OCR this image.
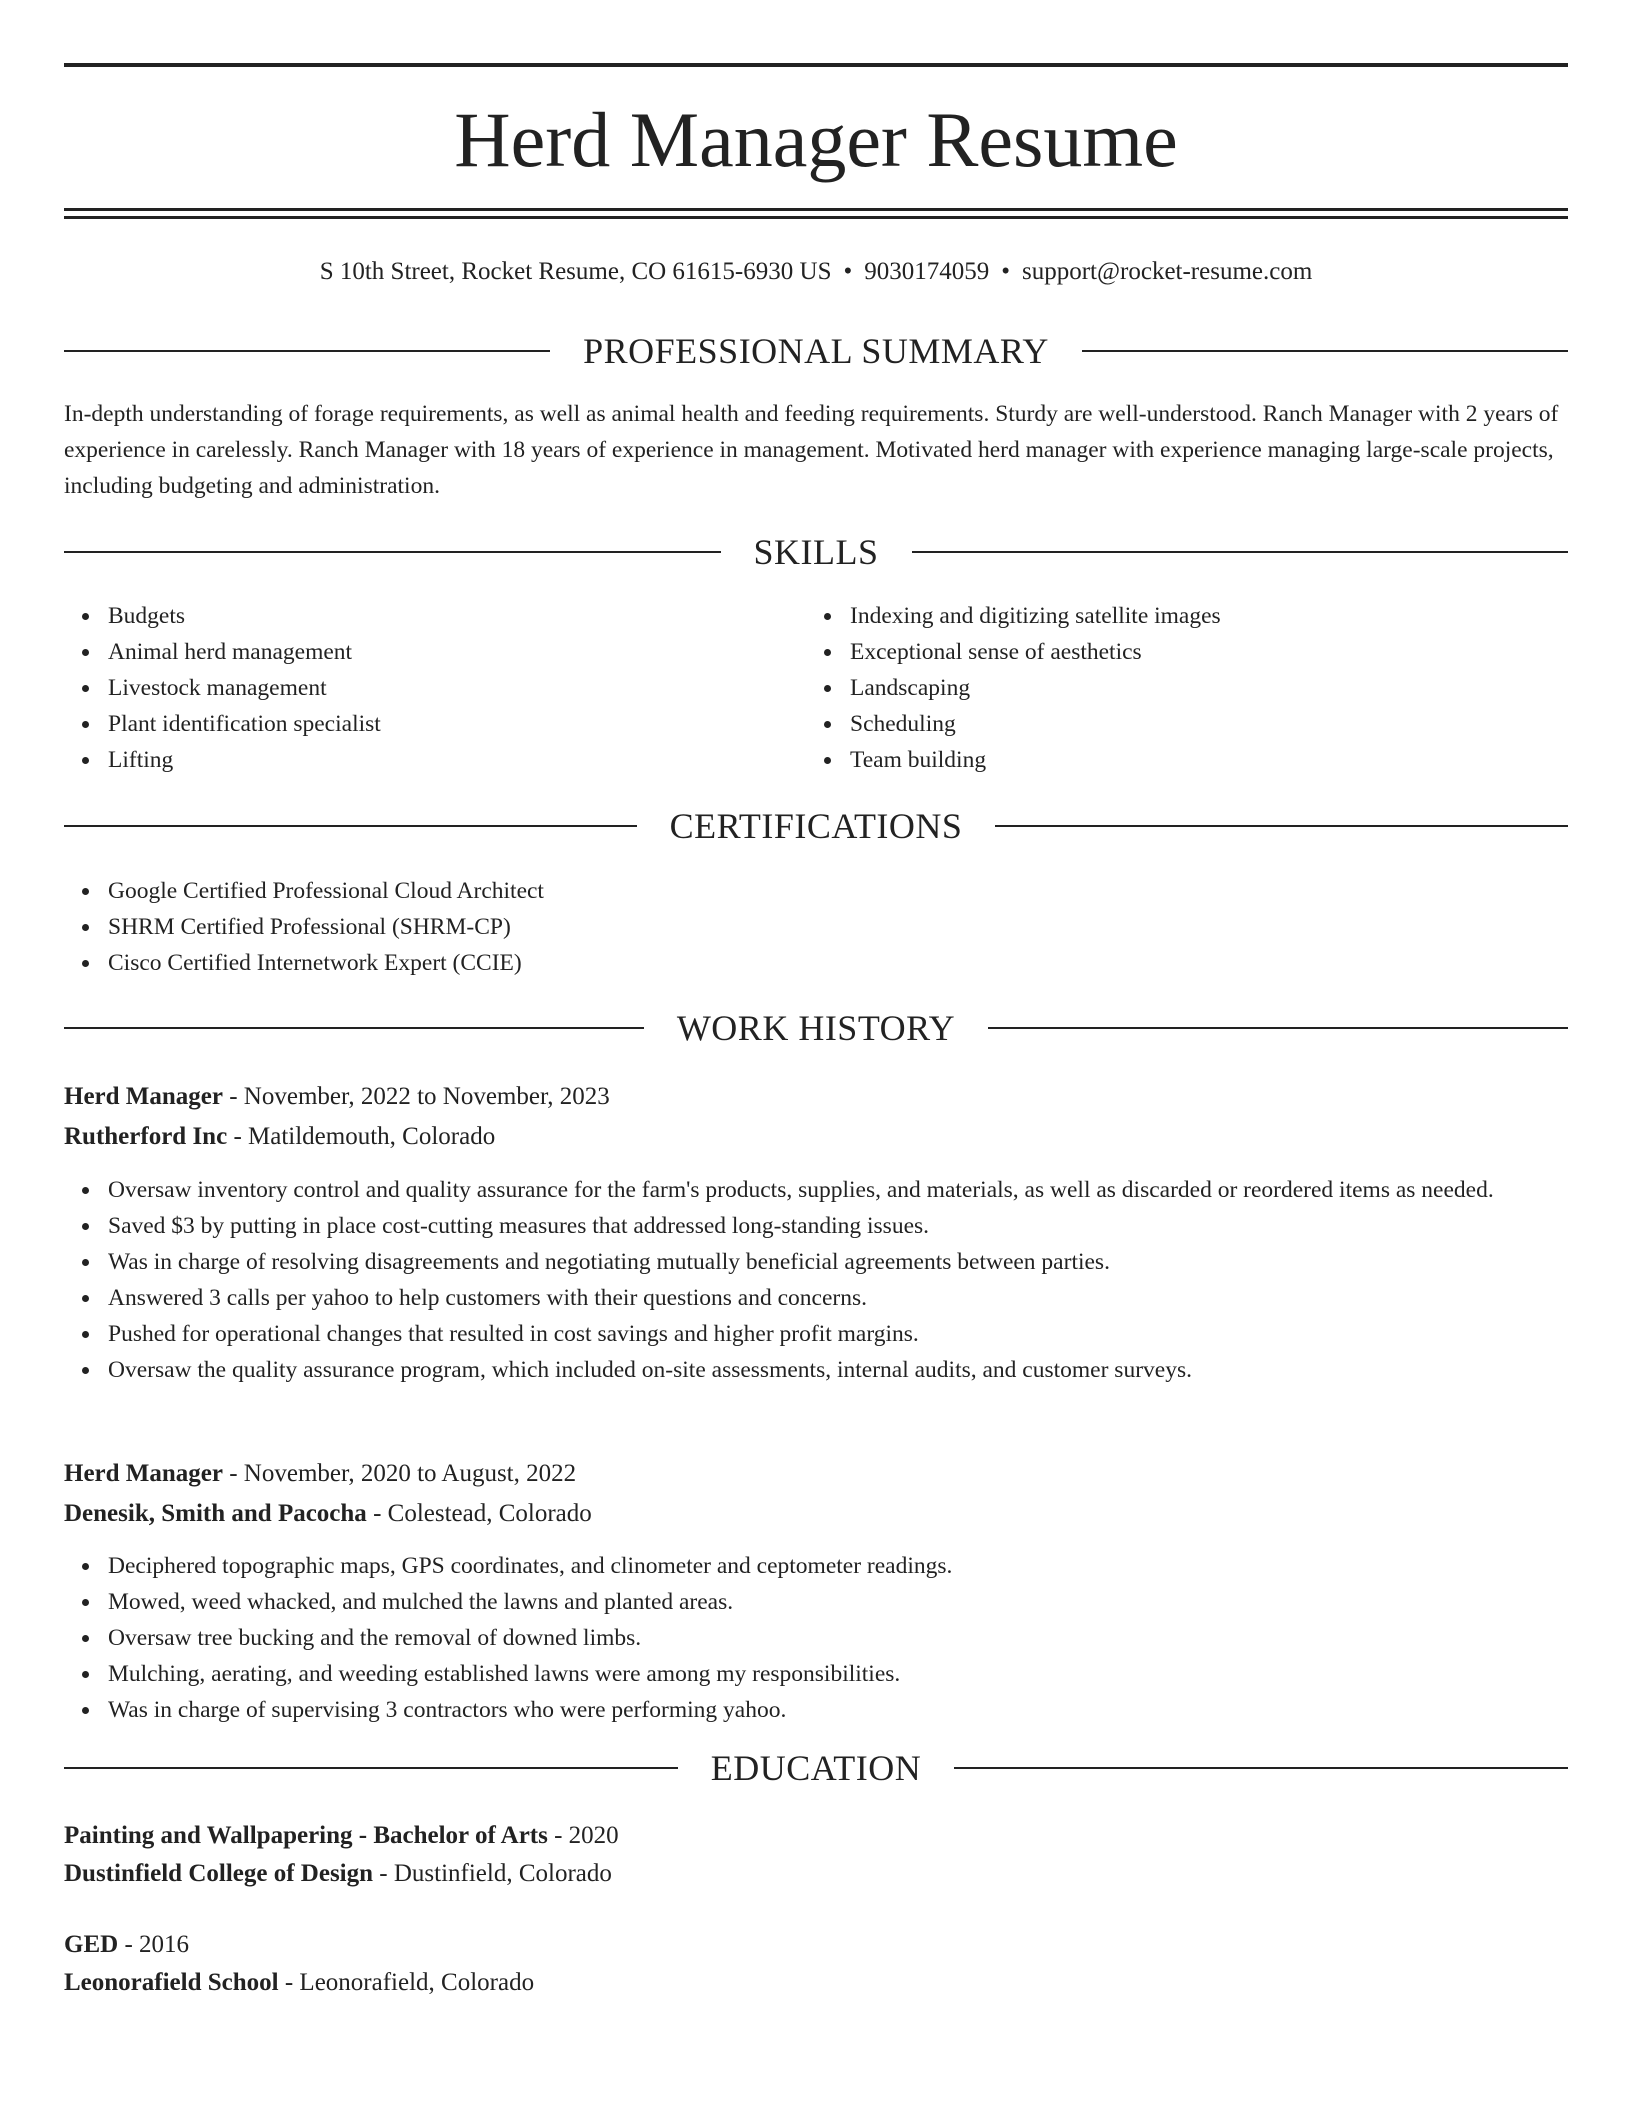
Herd Manager Resume
S 10th Street, Rocket Resume, CO 61615-6930 US • 9030174059 • support@rocket-resume.com
PROFESSIONAL SUMMARY

In-depth understanding of forage requirements, as well as animal health and feeding requirements. Sturdy are well-understood. Ranch Manager with 2 years of experience in carelessly. Ranch Manager with 18 years of experience in management. Motivated herd manager with experience managing large-scale projects, including budgeting and administration.

SKILLS
Budgets
Animal herd management
Livestock management
Plant identification specialist
Lifting
Indexing and digitizing satellite images
Exceptional sense of aesthetics
Landscaping
Scheduling
Team building
CERTIFICATIONS
Google Certified Professional Cloud Architect
SHRM Certified Professional (SHRM-CP)
Cisco Certified Internetwork Expert (CCIE)
WORK HISTORY
Herd Manager - November, 2022 to November, 2023
Rutherford Inc - Matildemouth, Colorado
Oversaw inventory control and quality assurance for the farm's products, supplies, and materials, as well as discarded or reordered items as needed.
Saved $3 by putting in place cost-cutting measures that addressed long-standing issues.
Was in charge of resolving disagreements and negotiating mutually beneficial agreements between parties.
Answered 3 calls per yahoo to help customers with their questions and concerns.
Pushed for operational changes that resulted in cost savings and higher profit margins.
Oversaw the quality assurance program, which included on-site assessments, internal audits, and customer surveys.
Herd Manager - November, 2020 to August, 2022
Denesik, Smith and Pacocha - Colestead, Colorado
Deciphered topographic maps, GPS coordinates, and clinometer and ceptometer readings.
Mowed, weed whacked, and mulched the lawns and planted areas.
Oversaw tree bucking and the removal of downed limbs.
Mulching, aerating, and weeding established lawns were among my responsibilities.
Was in charge of supervising 3 contractors who were performing yahoo.
EDUCATION
Painting and Wallpapering - Bachelor of Arts - 2020
Dustinfield College of Design - Dustinfield, Colorado
GED - 2016
Leonorafield School - Leonorafield, Colorado
